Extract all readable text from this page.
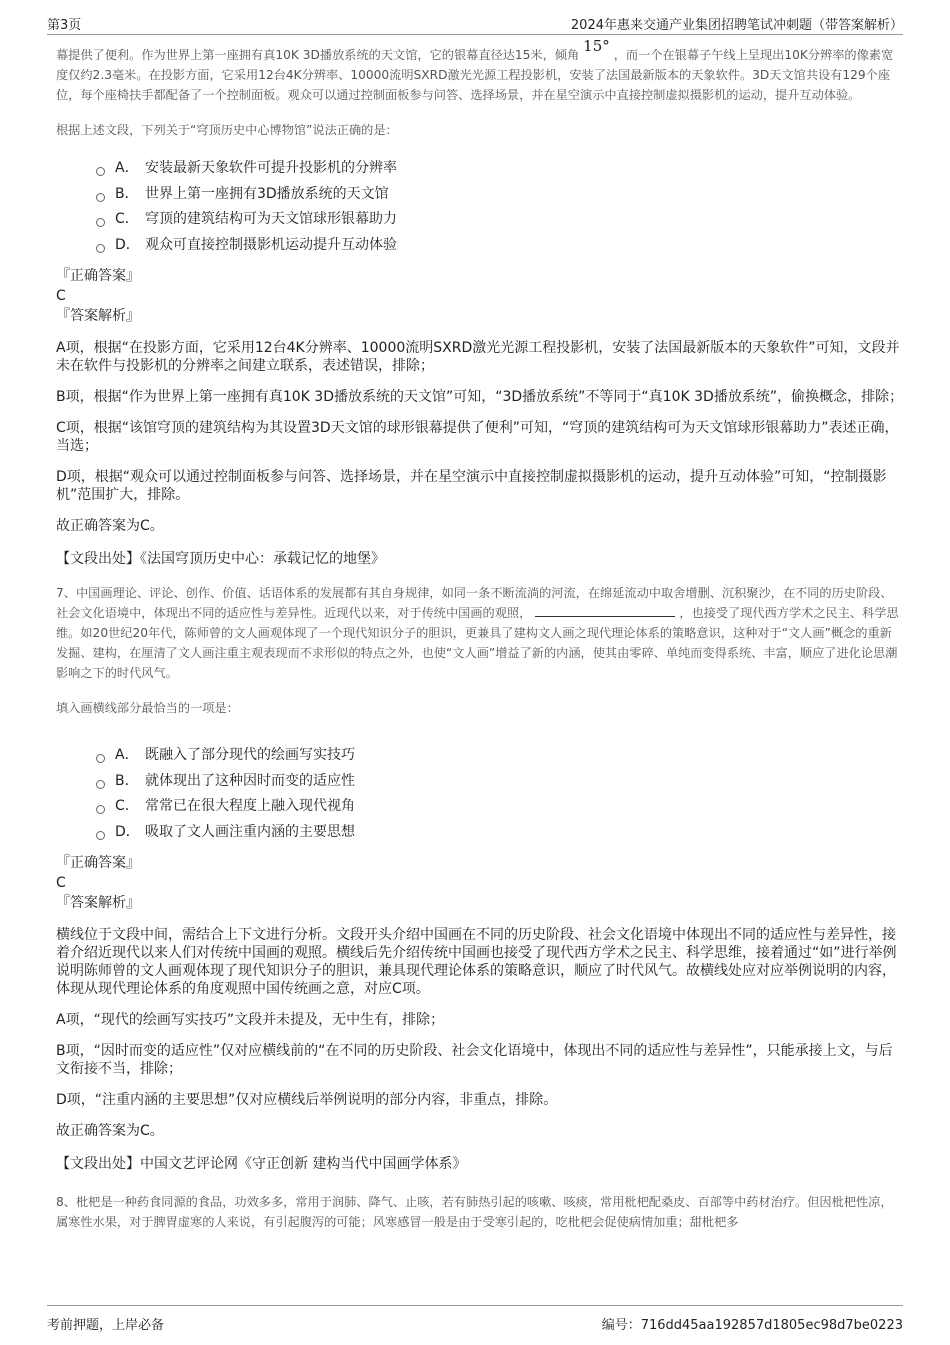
第3页	2024年惠来交通产业集团招聘笔试冲刺题（带答案解析）

幕提供了便利。作为世界上第一座拥有真10K 3D播放系统的天文馆，它的银幕直径达15米，倾角 15° ，而一个在银幕子午线上呈现出10K分辨率的像素宽度仅约2.3毫米。在投影方面，它采用12台4K分辨率、10000流明SXRD激光光源工程投影机，安装了法国最新版本的天象软件。3D天文馆共设有129个座位，每个座椅扶手都配备了一个控制面板。观众可以通过控制面板参与问答、选择场景，并在星空演示中直接控制虚拟摄影机的运动，提升互动体验。

根据上述文段，下列关于“穹顶历史中心博物馆”说法正确的是：

A． 安装最新天象软件可提升投影机的分辨率
B． 世界上第一座拥有3D播放系统的天文馆
C． 穹顶的建筑结构可为天文馆球形银幕助力
D． 观众可直接控制摄影机运动提升互动体验
『正确答案』
C
『答案解析』

A项，根据“在投影方面，它采用12台4K分辨率、10000流明SXRD激光光源工程投影机，安装了法国最新版本的天象软件”可知，文段并未在软件与投影机的分辨率之间建立联系，表述错误，排除；

B项，根据“作为世界上第一座拥有真10K 3D播放系统的天文馆”可知，“3D播放系统”不等同于“真10K 3D播放系统”，偷换概念，排除；

C项，根据“该馆穹顶的建筑结构为其设置3D天文馆的球形银幕提供了便利”可知，“穹顶的建筑结构可为天文馆球形银幕助力”表述正确，当选；

D项，根据“观众可以通过控制面板参与问答、选择场景，并在星空演示中直接控制虚拟摄影机的运动，提升互动体验”可知，“控制摄影机”范围扩大，排除。

故正确答案为C。

【文段出处】《法国穹顶历史中心：承载记忆的地堡》

7、中国画理论、评论、创作、价值、话语体系的发展都有其自身规律，如同一条不断流淌的河流，在绵延流动中取舍增删、沉积聚沙，在不同的历史阶段、社会文化语境中，体现出不同的适应性与差异性。近现代以来，对于传统中国画的观照，	，也接受了现代西方学术之民主、科学思维。如20世纪20年代，陈师曾的文人画观体现了一个现代知识分子的胆识，更兼具了建构文人画之现代理论体系的策略意识，这种对于“文人画”概念的重新发掘、建构，在厘清了文人画注重主观表现而不求形似的特点之外，也使“文人画”增益了新的内涵，使其由零碎、单纯而变得系统、丰富，顺应了进化论思潮影响之下的时代风气。

填入画横线部分最恰当的一项是：

A． 既融入了部分现代的绘画写实技巧
B． 就体现出了这种因时而变的适应性
C． 常常已在很大程度上融入现代视角
D． 吸取了文人画注重内涵的主要思想
『正确答案』
C
『答案解析』

横线位于文段中间，需结合上下文进行分析。文段开头介绍中国画在不同的历史阶段、社会文化语境中体现出不同的适应性与差异性，接着介绍近现代以来人们对传统中国画的观照。横线后先介绍传统中国画也接受了现代西方学术之民主、科学思维，接着通过“如”进行举例说明陈师曾的文人画观体现了现代知识分子的胆识，兼具现代理论体系的策略意识，顺应了时代风气。故横线处应对应举例说明的内容，体现从现代理论体系的角度观照中国传统画之意，对应C项。

A项，“现代的绘画写实技巧”文段并未提及，无中生有，排除；

B项，“因时而变的适应性”仅对应横线前的“在不同的历史阶段、社会文化语境中，体现出不同的适应性与差异性”，只能承接上文，与后文衔接不当，排除；

D项，“注重内涵的主要思想”仅对应横线后举例说明的部分内容，非重点，排除。

故正确答案为C。

【文段出处】中国文艺评论网《守正创新 建构当代中国画学体系》

8、枇杷是一种药食同源的食品，功效多多，常用于润肺、降气、止咳，若有肺热引起的咳嗽、咳痰，常用枇杷配桑皮、百部等中药材治疗。但因枇杷性凉，属寒性水果，对于脾胃虚寒的人来说，有引起腹泻的可能；风寒感冒一般是由于受寒引起的，吃枇杷会促使病情加重；甜枇杷多

考前押题，上岸必备	编号：716dd45aa192857d1805ec98d7be0223
